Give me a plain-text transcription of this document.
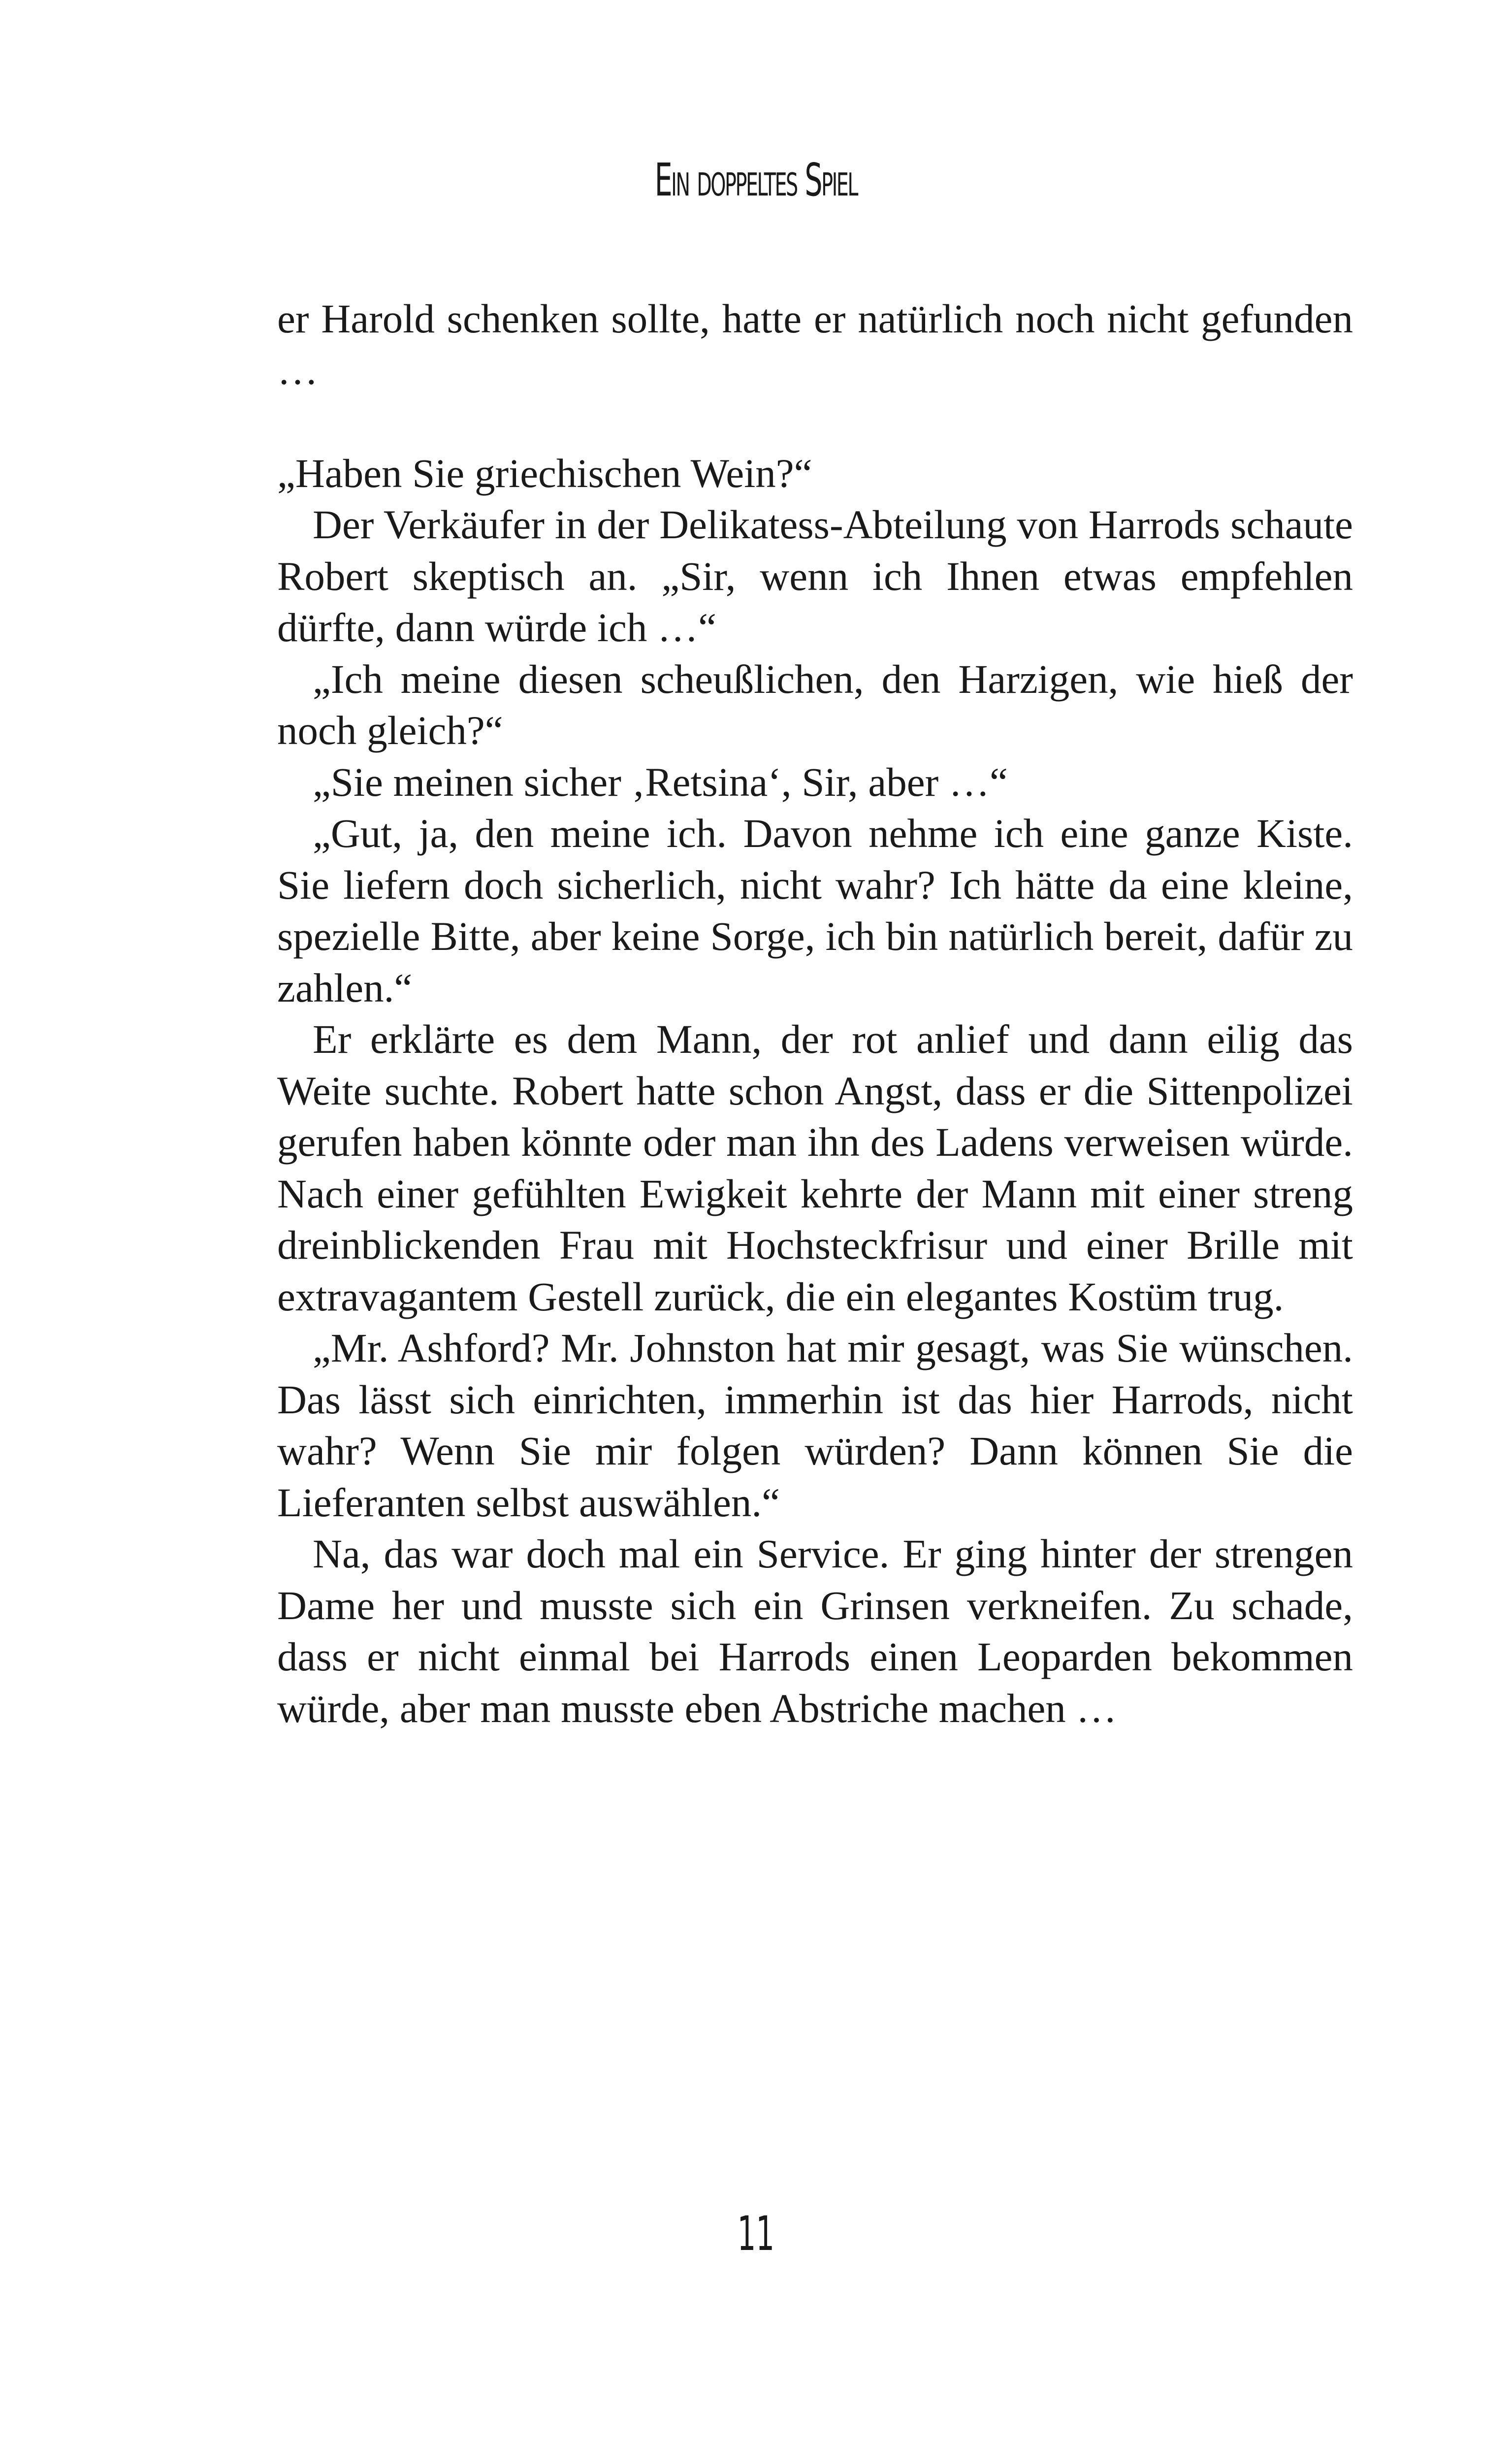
Ein doppeltes Spiel

er Harold schenken sollte, hatte er natürlich noch nicht gefunden …

„Haben Sie griechischen Wein?“

Der Verkäufer in der Delikatess-Abteilung von Harrods schaute Robert skeptisch an. „Sir, wenn ich Ihnen etwas empfehlen dürfte, dann würde ich …“

„Ich meine diesen scheußlichen, den Harzigen, wie hieß der noch gleich?“

„Sie meinen sicher ‚Retsina‘, Sir, aber …“

„Gut, ja, den meine ich. Davon nehme ich eine ganze Kiste. Sie liefern doch sicherlich, nicht wahr? Ich hätte da eine kleine, spezielle Bitte, aber keine Sorge, ich bin natürlich bereit, dafür zu zahlen.“

Er erklärte es dem Mann, der rot anlief und dann eilig das Weite suchte. Robert hatte schon Angst, dass er die Sittenpolizei gerufen haben könnte oder man ihn des Ladens verweisen würde. Nach einer gefühlten Ewigkeit kehrte der Mann mit einer streng dreinblickenden Frau mit Hochsteckfrisur und einer Brille mit extravagantem Gestell zurück, die ein elegantes Kostüm trug.

„Mr. Ashford? Mr. Johnston hat mir gesagt, was Sie wünschen. Das lässt sich einrichten, immerhin ist das hier Harrods, nicht wahr? Wenn Sie mir folgen würden? Dann können Sie die Lieferanten selbst auswählen.“

Na, das war doch mal ein Service. Er ging hinter der strengen Dame her und musste sich ein Grinsen verkneifen. Zu schade, dass er nicht einmal bei Harrods einen Leoparden bekommen würde, aber man musste eben Abstriche machen …

11
